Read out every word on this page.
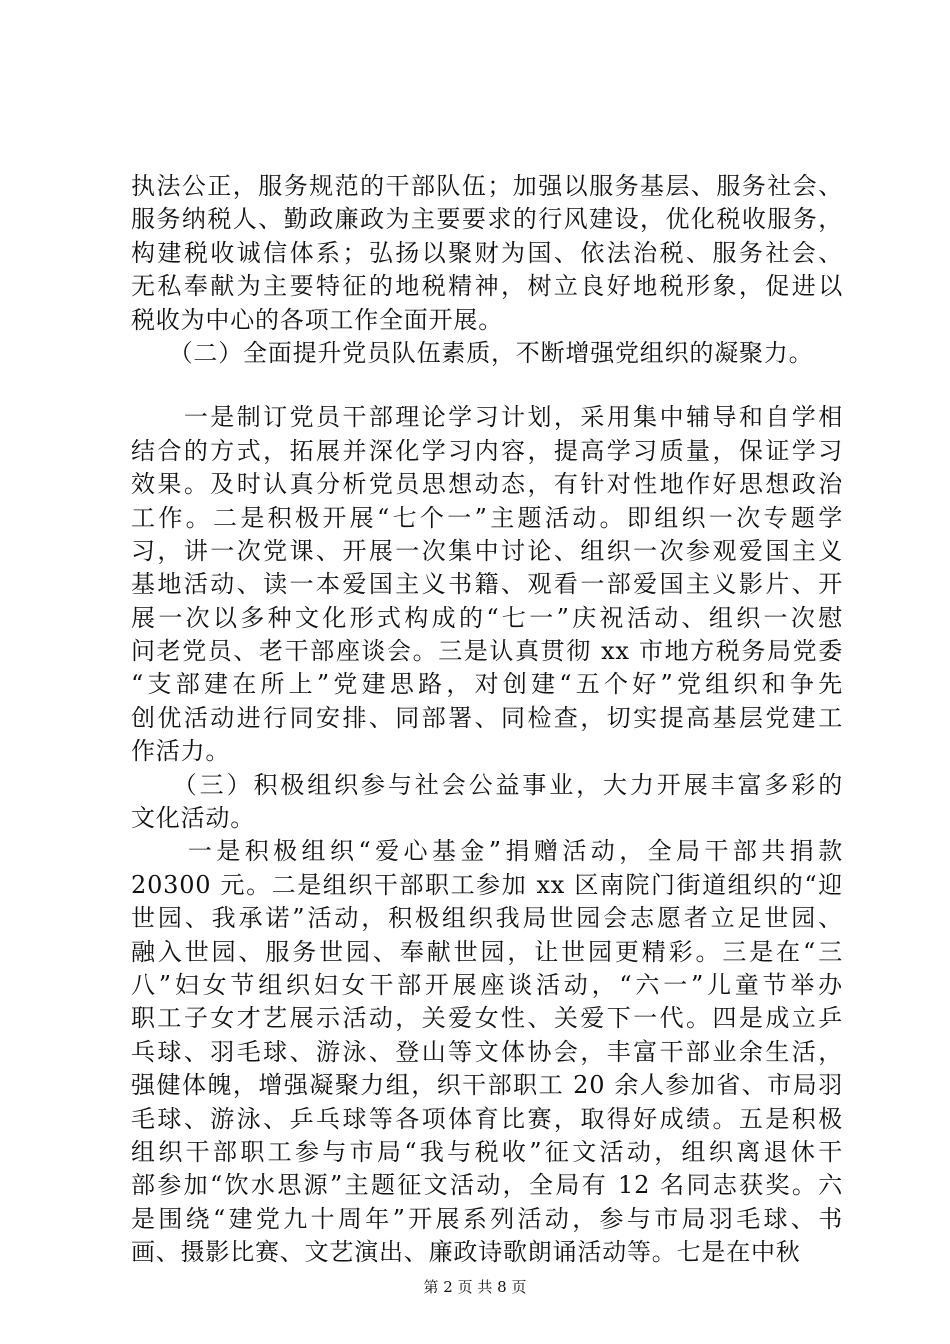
执法公正，服务规范的干部队伍；加强以服务基层、服务社会、
服务纳税人、勤政廉政为主要要求的行风建设，优化税收服务，
构建税收诚信体系；弘扬以聚财为国、依法治税、服务社会、
无私奉献为主要特征的地税精神，树立良好地税形象，促进以
税收为中心的各项工作全面开展。
　　（二）全面提升党员队伍素质，不断增强党组织的凝聚力。
　　一是制订党员干部理论学习计划，采用集中辅导和自学相
结合的方式，拓展并深化学习内容，提高学习质量，保证学习
效果。及时认真分析党员思想动态，有针对性地作好思想政治
工作。二是积极开展“七个一”主题活动。即组织一次专题学
习，讲一次党课、开展一次集中讨论、组织一次参观爱国主义
基地活动、读一本爱国主义书籍、观看一部爱国主义影片、开
展一次以多种文化形式构成的“七一”庆祝活动、组织一次慰
问老党员、老干部座谈会。三是认真贯彻 xx 市地方税务局党委
“支部建在所上”党建思路，对创建“五个好”党组织和争先
创优活动进行同安排、同部署、同检查，切实提高基层党建工
作活力。
　　（三）积极组织参与社会公益事业，大力开展丰富多彩的
文化活动。
　　一是积极组织“爱心基金”捐赠活动，全局干部共捐款
20300 元。二是组织干部职工参加 xx 区南院门街道组织的“迎
世园、我承诺”活动，积极组织我局世园会志愿者立足世园、
融入世园、服务世园、奉献世园，让世园更精彩。三是在“三
八”妇女节组织妇女干部开展座谈活动，“六一”儿童节举办
职工子女才艺展示活动，关爱女性、关爱下一代。四是成立乒
乓球、羽毛球、游泳、登山等文体协会，丰富干部业余生活，
强健体魄，增强凝聚力组，织干部职工 20 余人参加省、市局羽
毛球、游泳、乒乓球等各项体育比赛，取得好成绩。五是积极
组织干部职工参与市局“我与税收”征文活动，组织离退休干
部参加“饮水思源”主题征文活动，全局有 12 名同志获奖。六
是围绕“建党九十周年”开展系列活动，参与市局羽毛球、书
画、摄影比赛、文艺演出、廉政诗歌朗诵活动等。七是在中秋
第 2 页 共 8 页
